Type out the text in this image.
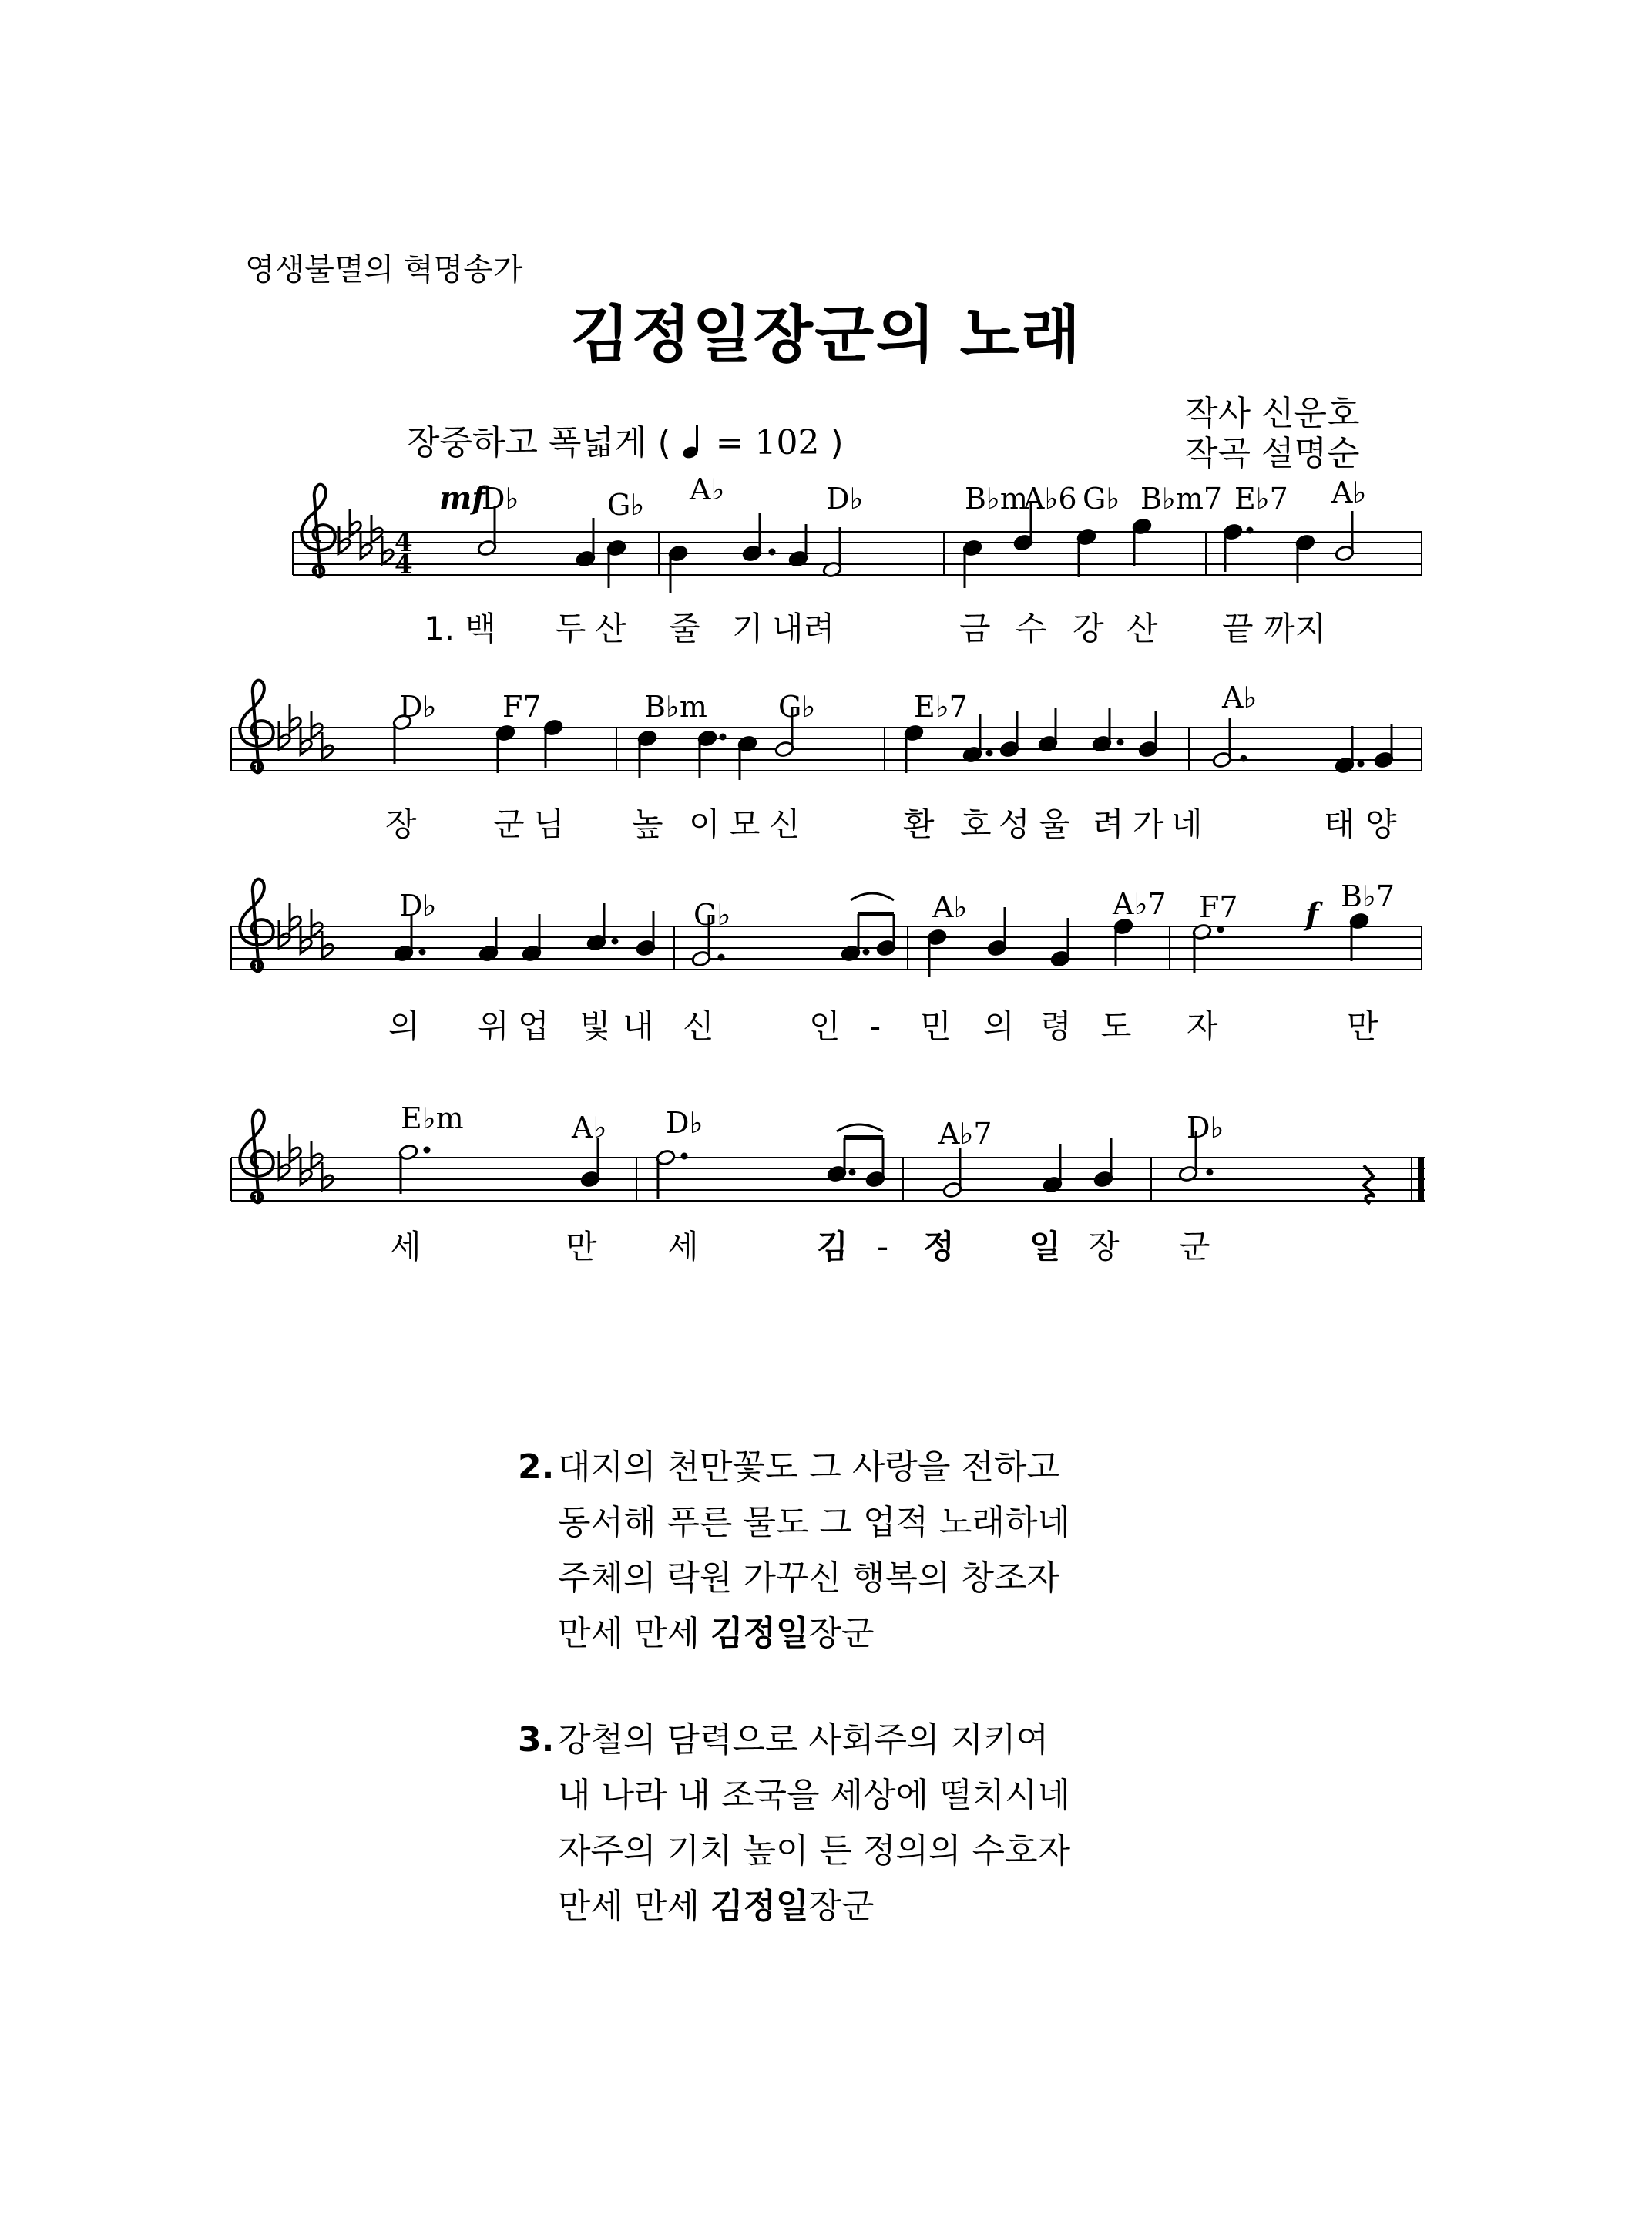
영생불멸의 혁명송가
김정일장군의 노래
작사 신운호
작곡 설명순
장중하고 폭넓게 ( = 102 )
4
4
mf
D♭	G♭ A♭	D♭	B♭m
A♭6 G♭ B♭m7 E♭7 A♭
1. 백 두 산 줄 기 내려	금 수 강 산 끝 까지
D♭ F7	B♭m G♭	E♭7	A♭
장 군 님 높 이 모 신	환 호 성 울 려 가 네	태 양
f
D♭	G♭	A♭	A♭7 F7	B♭7
의 위 업 빛 내 신	인 - 민 의 령 도 자	만
E♭m	A♭ D♭	A♭7	D♭
세	만 세	김 - 정 일 장 군
2. 대지의 천만꽃도 그 사랑을 전하고
동서해 푸른 물도 그 업적 노래하네
주체의 락원 가꾸신 행복의 창조자
만세 만세 김정일장군
3. 강철의 담력으로 사회주의 지키여
내 나라 내 조국을 세상에 떨치시네
자주의 기치 높이 든 정의의 수호자
만세 만세 김정일장군
